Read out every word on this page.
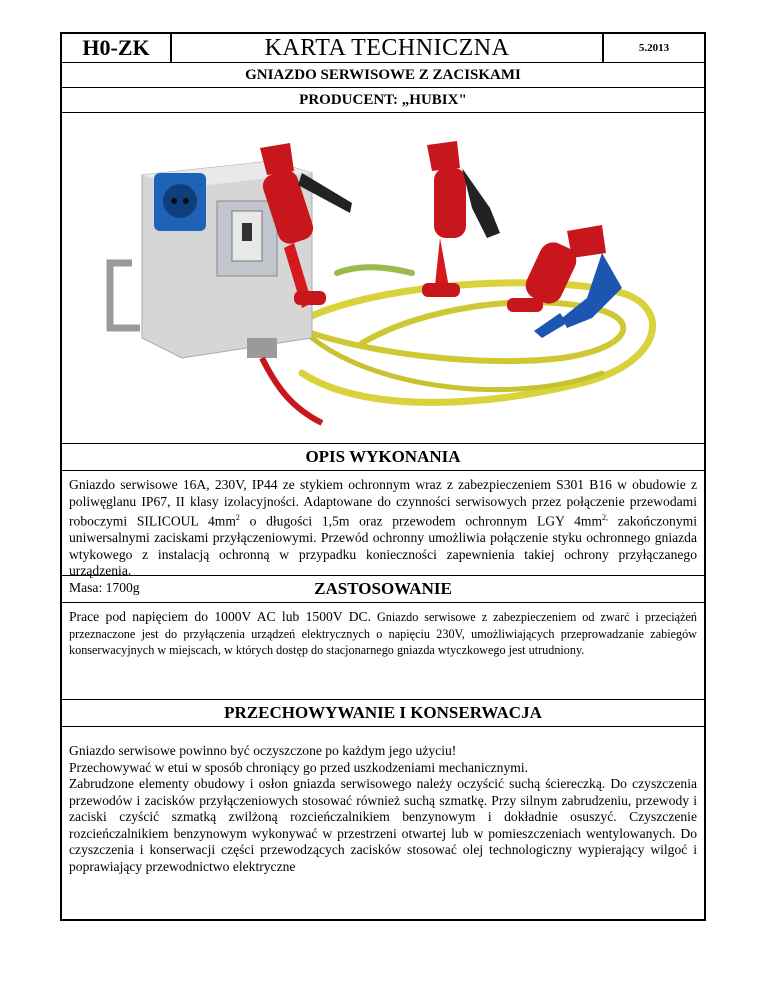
H0-ZK	KARTA TECHNICZNA	5.2013
GNIAZDO SERWISOWE Z ZACISKAMI
PRODUCENT: „HUBIX"
OPIS WYKONANIA

Gniazdo serwisowe 16A, 230V, IP44 ze stykiem ochronnym wraz z zabezpieczeniem S301 B16 w obudowie z poliwęglanu IP67, II klasy izolacyjności. Adaptowane do czynności serwisowych przez połączenie przewodami roboczymi SILICOUL $4mm^2$ o długości 1,5m oraz przewodem ochronnym LGY $4mm^{2,}$ zakończonymi uniwersalnymi zaciskami przyłączeniowymi. Przewód ochronny umożliwia połączenie styku ochronnego gniazda wtykowego z instalacją ochronną w przypadku konieczności zapewnienia takiej ochrony przyłączanego urządzenia.

Masa: 1700g	ZASTOSOWANIE

Prace pod napięciem do 1000V AC lub 1500V DC. Gniazdo serwisowe z zabezpieczeniem od zwarć i przeciążeń przeznaczone jest do przyłączenia urządzeń elektrycznych o napięciu 230V, umożliwiających przeprowadzanie zabiegów konserwacyjnych w miejscach, w których dostęp do stacjonarnego gniazda wtyczkowego jest utrudniony.

PRZECHOWYWANIE I KONSERWACJA

Gniazdo serwisowe powinno być oczyszczone po każdym jego użyciu!

Przechowywać w etui w sposób chroniący go przed uszkodzeniami mechanicznymi.

Zabrudzone elementy obudowy i osłon gniazda serwisowego należy oczyścić suchą ściereczką. Do czyszczenia przewodów i zacisków przyłączeniowych stosować również suchą szmatkę. Przy silnym zabrudzeniu, przewody i zaciski czyścić szmatką zwilżoną rozcieńczalnikiem benzynowym i dokładnie osuszyć. Czyszczenie rozcieńczalnikiem benzynowym wykonywać w przestrzeni otwartej lub w pomieszczeniach wentylowanych. Do czyszczenia i konserwacji części przewodzących zacisków stosować olej technologiczny wypierający wilgoć i poprawiający przewodnictwo elektryczne
